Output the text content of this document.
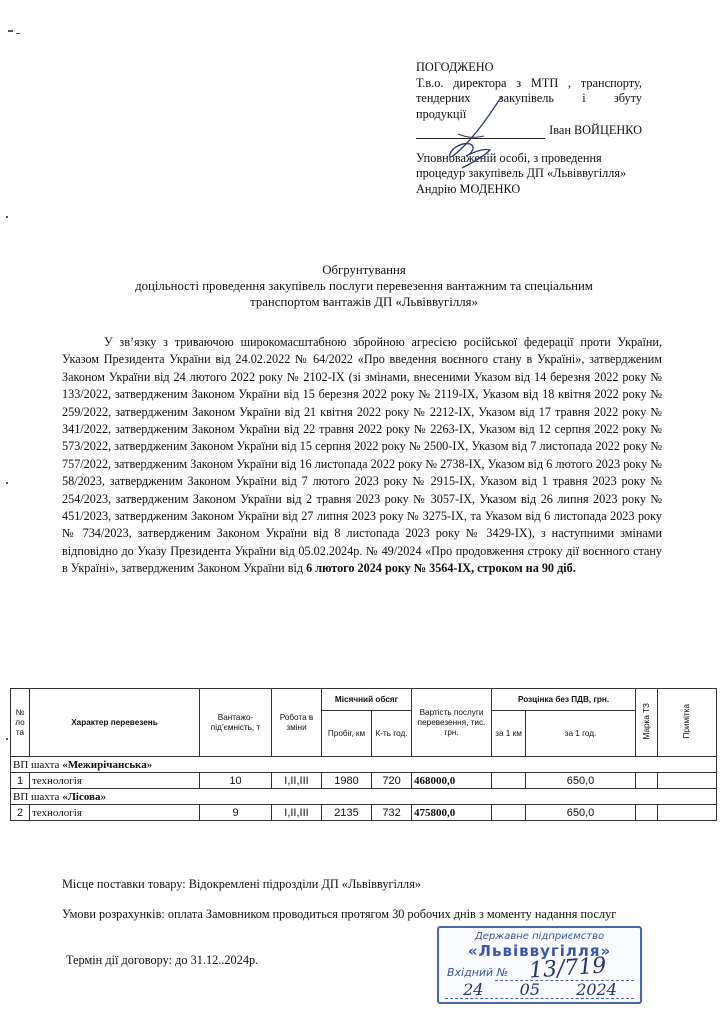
ПОГОДЖЕНО
Т.в.о. директора з МТП , транспорту,
тендерних закупівель і збуту
продукції
Іван ВОЙЦЕНКО
Уповноваженій особі, з проведення
процедур закупівель ДП «Львіввугілля»
Андрію МОДЕНКО
Обгрунтування
доцільності проведення закупівель послуги перевезення вантажним та спеціальним
транспортом вантажів ДП «Львіввугілля»
У зв’язку з триваючою широкомасштабною збройною агресією російської федерації проти України, Указом Президента України від 24.02.2022 № 64/2022 «Про введення воєнного стану в Україні», затвердженим Законом України від 24 лютого 2022 року № 2102-IX (зі змінами, внесеними Указом від 14 березня 2022 року № 133/2022, затвердженим Законом України від 15 березня 2022 року № 2119-IX, Указом від 18 квітня 2022 року № 259/2022, затвердженим Законом України від 21 квітня 2022 року № 2212-IX, Указом від 17 травня 2022 року № 341/2022, затвердженим Законом України від 22 травня 2022 року № 2263-IX, Указом від 12 серпня 2022 року № 573/2022, затвердженим Законом України від 15 серпня 2022 року № 2500-IX, Указом від 7 листопада 2022 року № 757/2022, затвердженим Законом України від 16 листопада 2022 року № 2738-IX, Указом від 6 лютого 2023 року № 58/2023, затвердженим Законом України від 7 лютого 2023 року № 2915-IX, Указом від 1 травня 2023 року № 254/2023, затвердженим Законом України від 2 травня 2023 року № 3057-IX, Указом від 26 липня 2023 року № 451/2023, затвердженим Законом України від 27 липня 2023 року № 3275-IX, та Указом від 6 листопада 2023 року № 734/2023, затвердженим Законом України від 8 листопада 2023 року № 3429-IX), з наступними змінами відповідно до Указу Президента України від 05.02.2024р. № 49/2024 «Про продовження строку дії воєнного стану в Україні», затвердженим Законом України від 6 лютого 2024 року № 3564-IX, строком на 90 діб.
№ ло та	Характер перевезень	Вантажо-під’ємність, т	Робота в зміни	Місячний обсяг		Вартість послуги перевезення, тис. грн.	Розцінка без ПДВ, грн.		Марка ТЗ	Примітка
				Пробіг, км	К-ть год.		за 1 км	за 1 год.		
ВП шахта «Межирічанська»										
1	технологія	10	І,ІІ,ІІІ	1980	720	468000,0		650,0		
ВП шахта «Лісова»										
2	технологія	9	І,ІІ,ІІІ	2135	732	475800,0		650,0		
Місце поставки товару: Відокремлені підрозділи ДП «Львіввугілля»
Умови розрахунків: оплата Замовником проводиться протягом 30 робочих днів з моменту надання послуг
Термін дії договору: до 31.12..2024р.
Державне підприємство
«Львіввугілля»
Вхідний № 13/719
24 05 2024
